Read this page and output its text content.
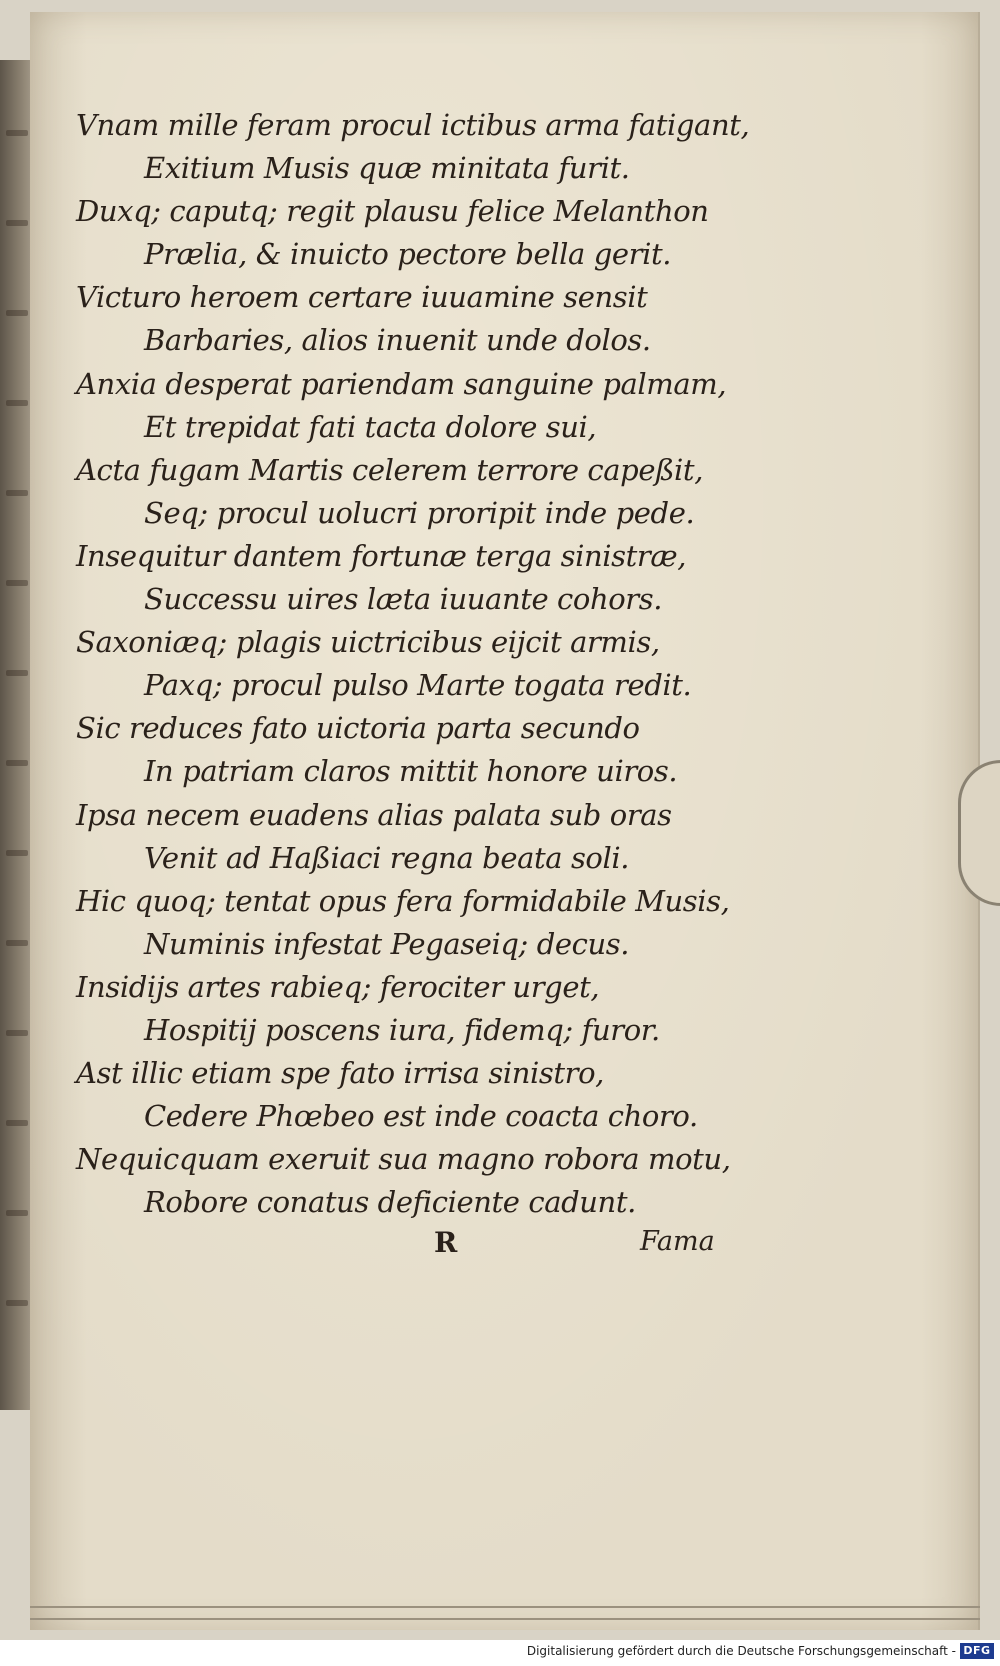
Vnam mille feram procul ictibus arma fatigant,
Exitium Musis quæ minitata furit.
Duxq; caputq; regit plausu felice Melanthon
Prælia, & inuicto pectore bella gerit.
Victuro heroem certare iuuamine sensit
Barbaries, alios inuenit unde dolos.
Anxia desperat pariendam sanguine palmam,
Et trepidat fati tacta dolore sui,
Acta fugam Martis celerem terrore capeßit,
Seq; procul uolucri proripit inde pede.
Insequitur dantem fortunæ terga sinistræ,
Successu uires læta iuuante cohors.
Saxoniæq; plagis uictricibus eijcit armis,
Paxq; procul pulso Marte togata redit.
Sic reduces fato uictoria parta secundo
In patriam claros mittit honore uiros.
Ipsa necem euadens alias palata sub oras
Venit ad Haßiaci regna beata soli.
Hic quoq; tentat opus fera formidabile Musis,
Numinis infestat Pegaseiq; decus.
Insidijs artes rabieq; ferociter urget,
Hospitij poscens iura, fidemq; furor.
Ast illic etiam spe fato irrisa sinistro,
Cedere Phœbeo est inde coacta choro.
Nequicquam exeruit sua magno robora motu,
Robore conatus deficiente cadunt.
R	Fama
Digitalisierung gefördert durch die Deutsche Forschungsgemeinschaft - DFG
